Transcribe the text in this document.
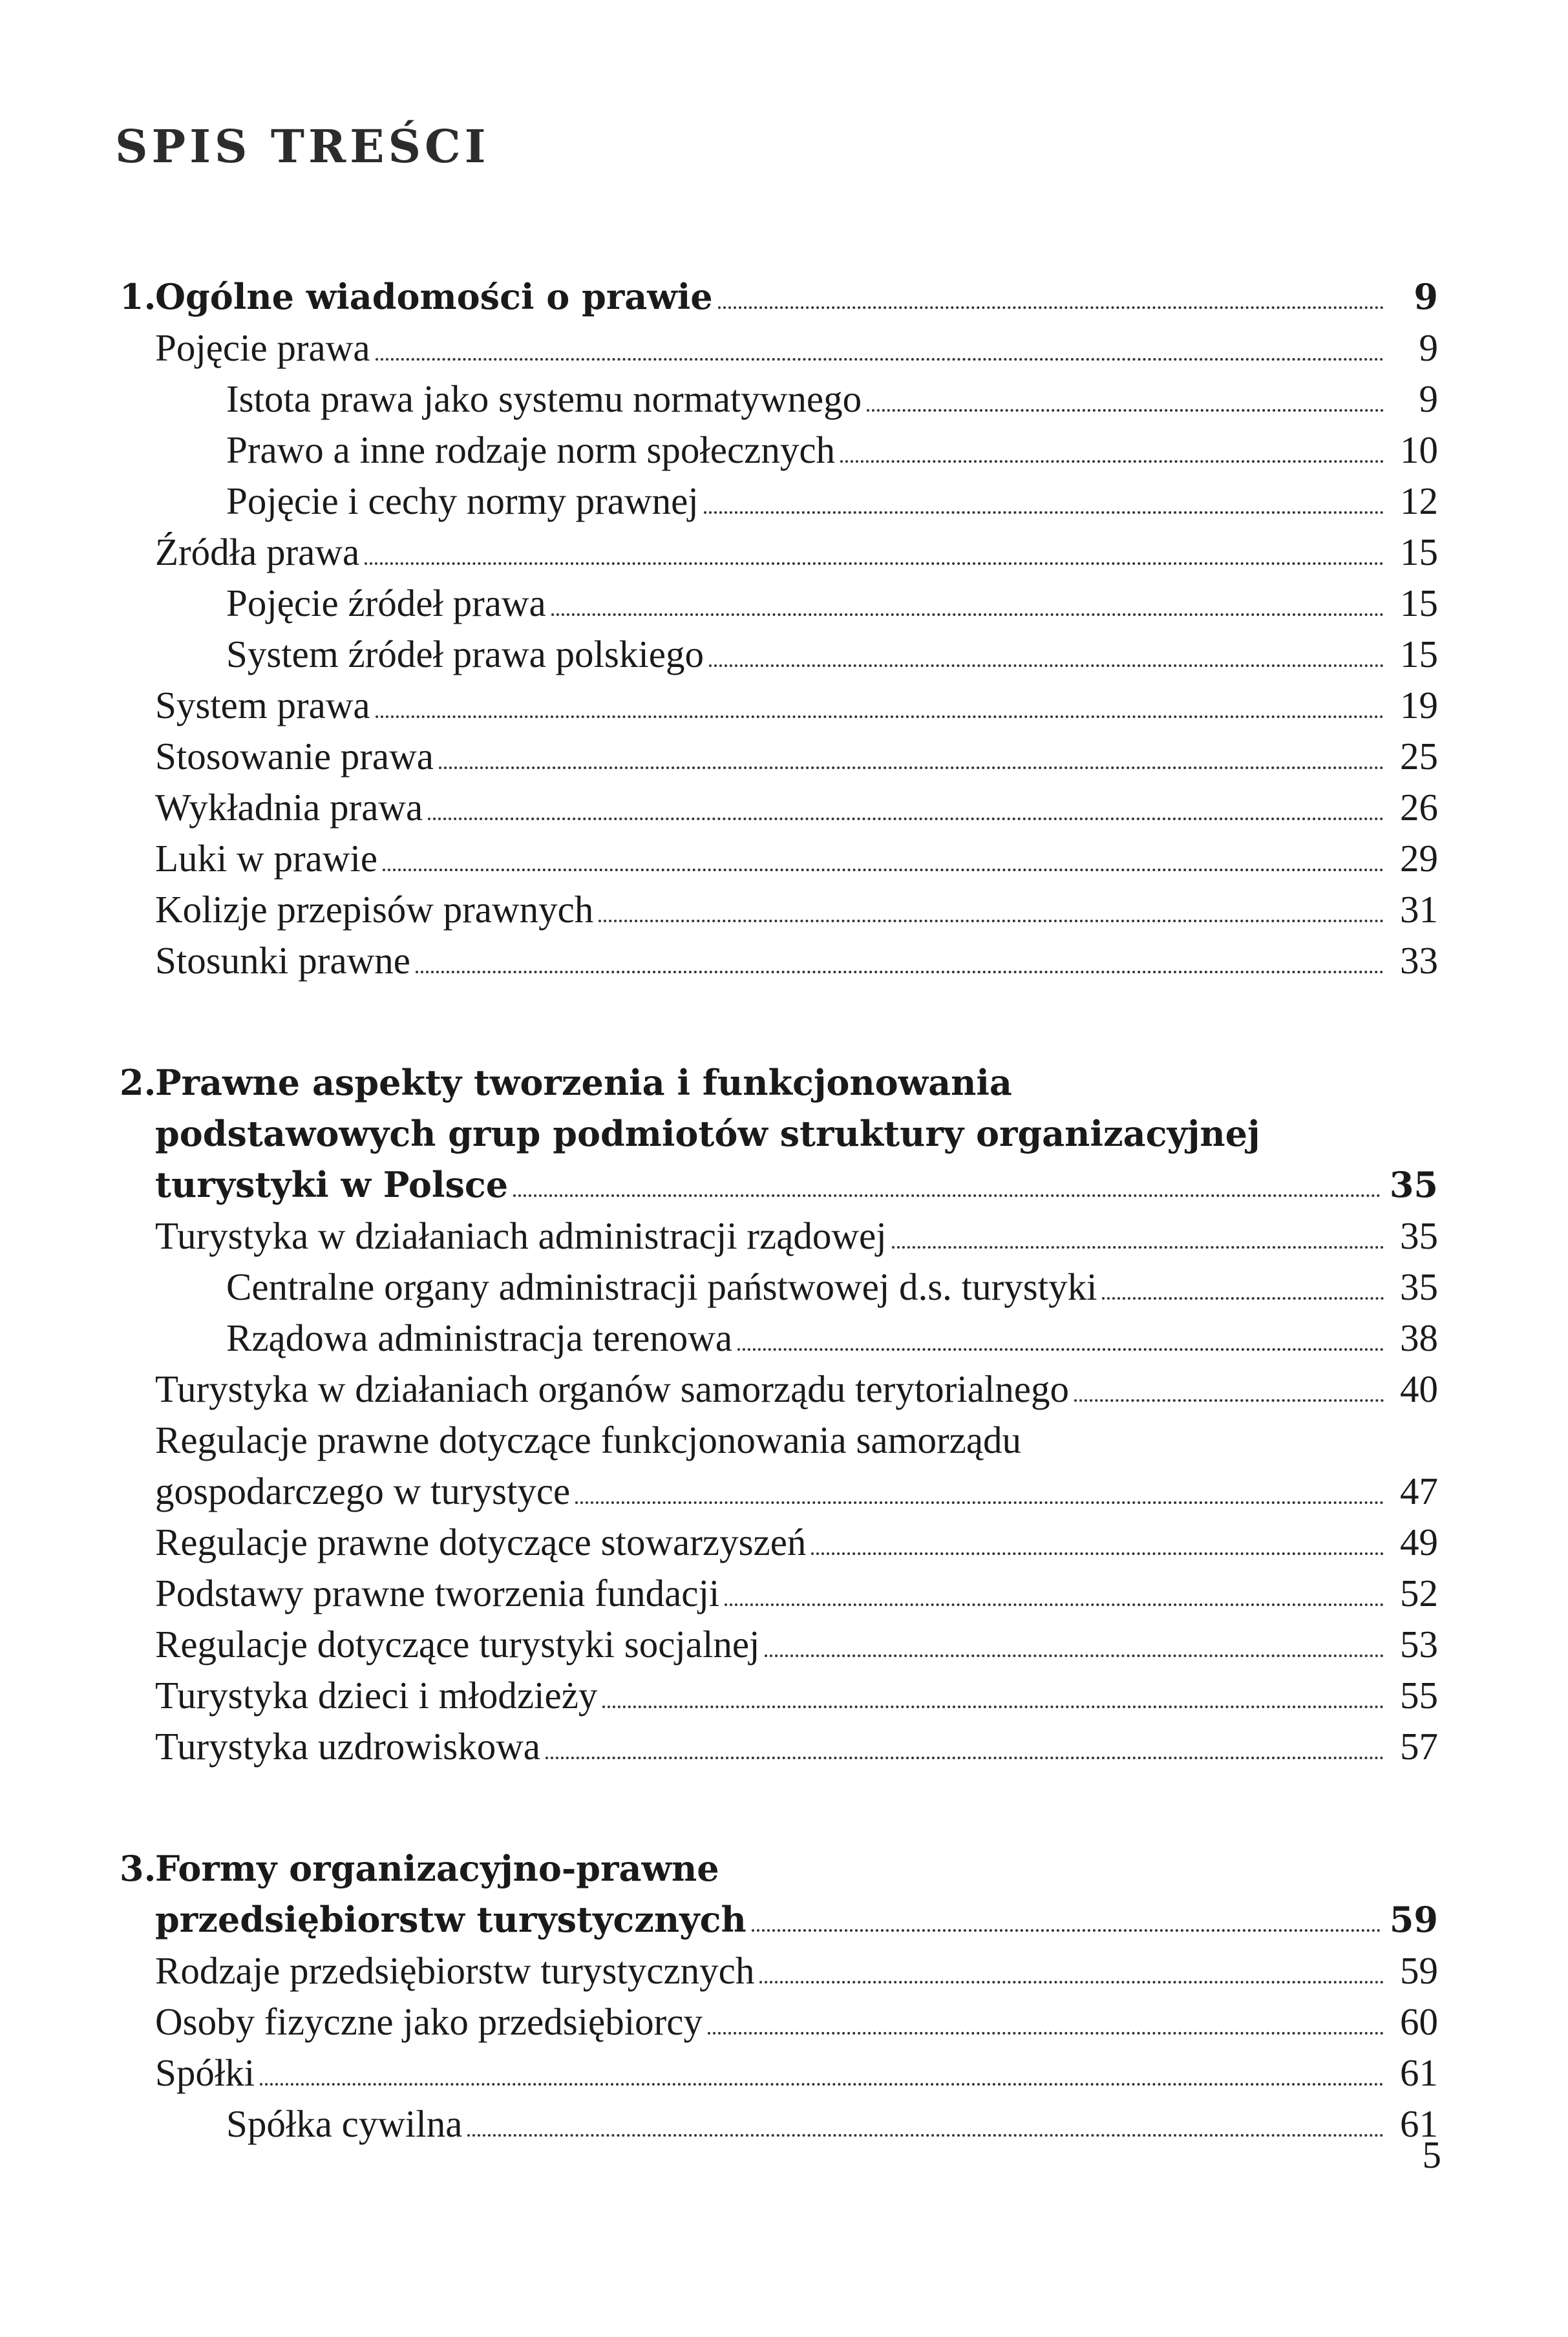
SPIS TREŚCI
1.
Ogólne wiadomości o prawie	9
Pojęcie prawa	9
Istota prawa jako systemu normatywnego	9
Prawo a inne rodzaje norm społecznych	10
Pojęcie i cechy normy prawnej	12
Źródła prawa	15
Pojęcie źródeł prawa	15
System źródeł prawa polskiego	15
System prawa	19
Stosowanie prawa	25
Wykładnia prawa	26
Luki w prawie	29
Kolizje przepisów prawnych	31
Stosunki prawne	33
2.
Prawne aspekty tworzenia i funkcjonowania
podstawowych grup podmiotów struktury organizacyjnej
turystyki w Polsce	35
Turystyka w działaniach administracji rządowej	35
Centralne organy administracji państwowej d.s. turystyki	35
Rządowa administracja terenowa	38
Turystyka w działaniach organów samorządu terytorialnego	40
Regulacje prawne dotyczące funkcjonowania samorządu
gospodarczego w turystyce	47
Regulacje prawne dotyczące stowarzyszeń	49
Podstawy prawne tworzenia fundacji	52
Regulacje dotyczące turystyki socjalnej	53
Turystyka dzieci i młodzieży	55
Turystyka uzdrowiskowa	57
3.
Formy organizacyjno-prawne
przedsiębiorstw turystycznych	59
Rodzaje przedsiębiorstw turystycznych	59
Osoby fizyczne jako przedsiębiorcy	60
Spółki	61
Spółka cywilna	61
5
